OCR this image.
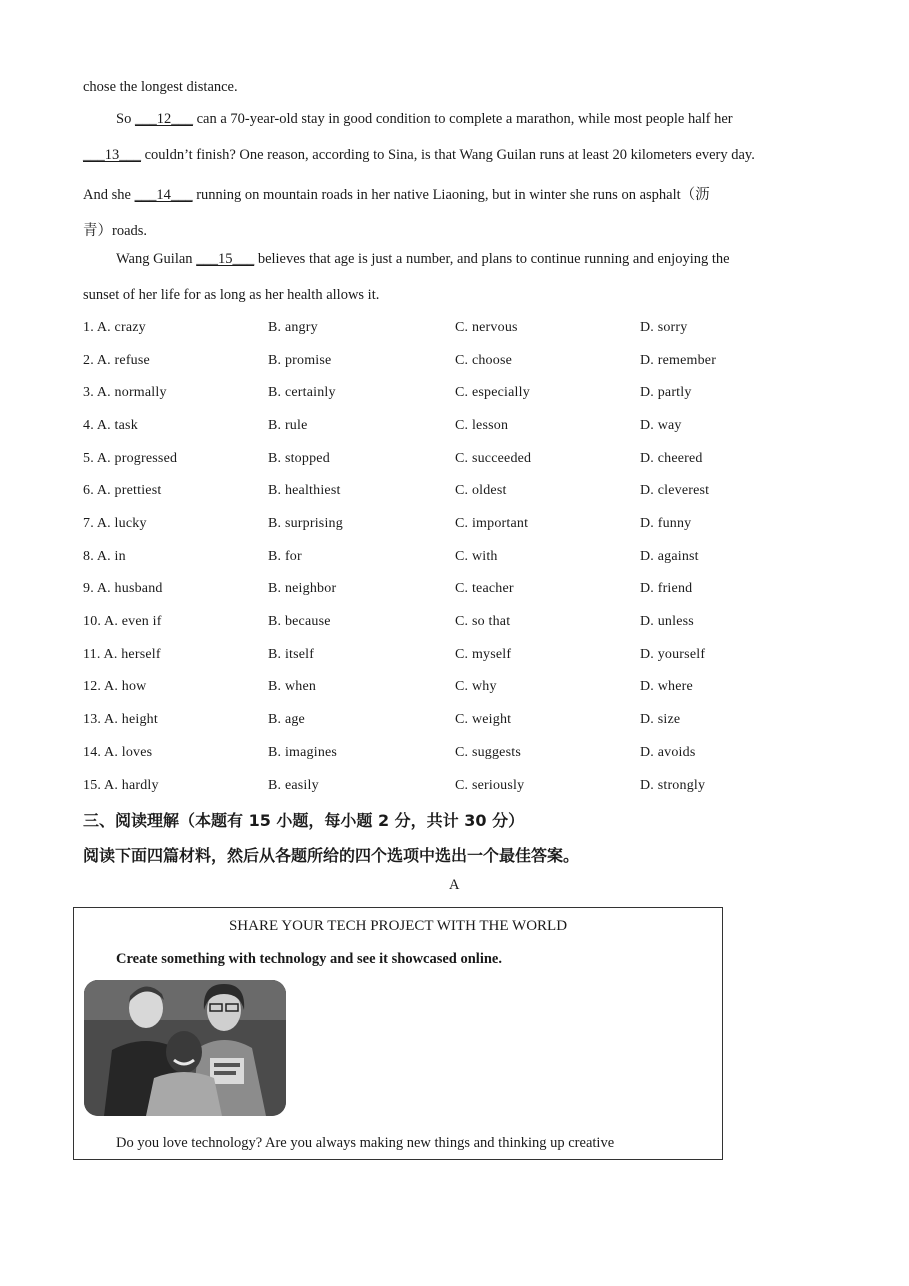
chose the longest distance.
So ___12___ can a 70-year-old stay in good condition to complete a marathon, while most people half her
___13___ couldn’t finish? One reason, according to Sina, is that Wang Guilan runs at least 20 kilometers every day.
And she ___14___ running on mountain roads in her native Liaoning, but in winter she runs on asphalt（沥
青）roads.
Wang Guilan ___15___ believes that age is just a number, and plans to continue running and enjoying the
sunset of her life for as long as her health allows it.
1. A. crazy	B. angry	C. nervous	D. sorry
2. A. refuse	B. promise	C. choose	D. remember
3. A. normally	B. certainly	C. especially	D. partly
4. A. task	B. rule	C. lesson	D. way
5. A. progressed	B. stopped	C. succeeded	D. cheered
6. A. prettiest	B. healthiest	C. oldest	D. cleverest
7. A. lucky	B. surprising	C. important	D. funny
8. A. in	B. for	C. with	D. against
9. A. husband	B. neighbor	C. teacher	D. friend
10. A. even if	B. because	C. so that	D. unless
11. A. herself	B. itself	C. myself	D. yourself
12. A. how	B. when	C. why	D. where
13. A. height	B. age	C. weight	D. size
14. A. loves	B. imagines	C. suggests	D. avoids
15. A. hardly	B. easily	C. seriously	D. strongly
三、阅读理解（本题有 15 小题，每小题 2 分，共计 30 分）
阅读下面四篇材料，然后从各题所给的四个选项中选出一个最佳答案。
A
SHARE YOUR TECH PROJECT WITH THE WORLD
Create something with technology and see it showcased online.
Do you love technology? Are you always making new things and thinking up creative
